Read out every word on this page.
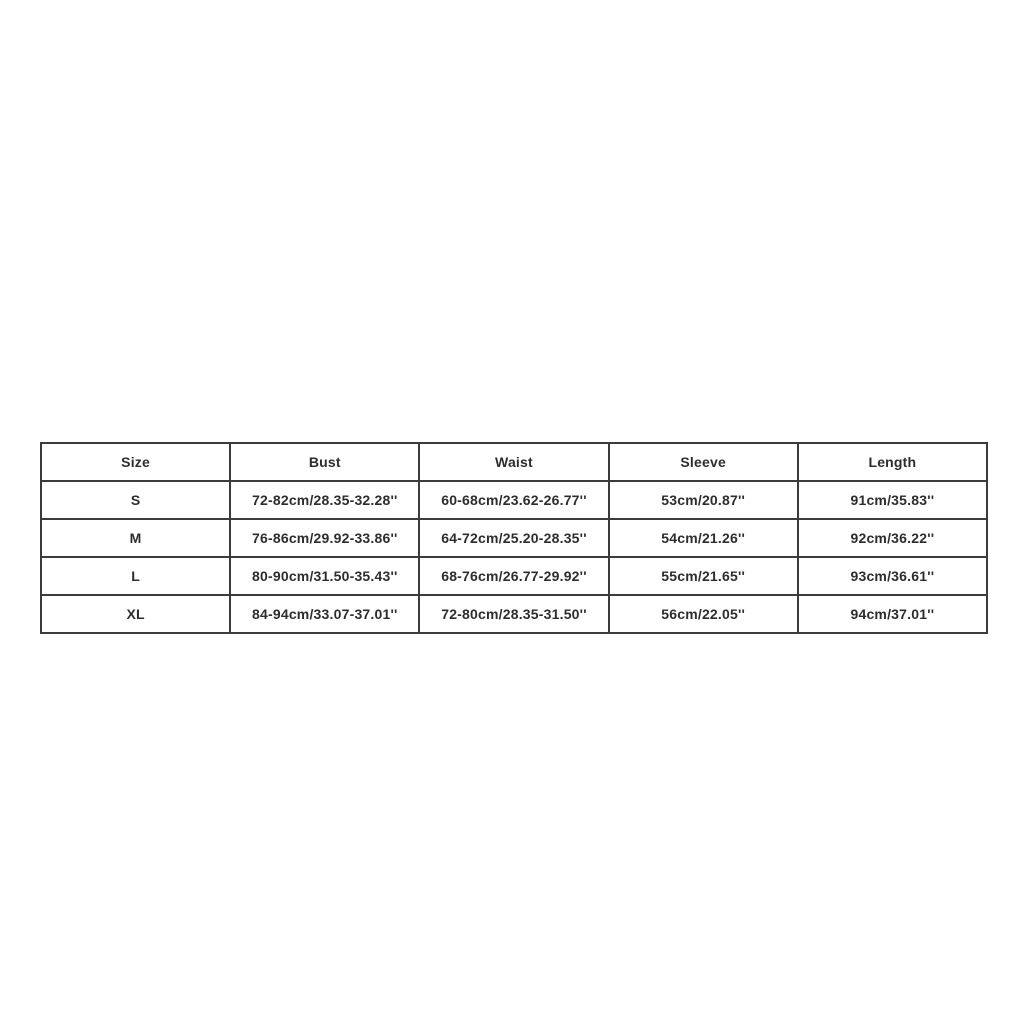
Size	Bust	Waist	Sleeve	Length
S	72-82cm/28.35-32.28''	60-68cm/23.62-26.77''	53cm/20.87''	91cm/35.83''
M	76-86cm/29.92-33.86''	64-72cm/25.20-28.35''	54cm/21.26''	92cm/36.22''
L	80-90cm/31.50-35.43''	68-76cm/26.77-29.92''	55cm/21.65''	93cm/36.61''
XL	84-94cm/33.07-37.01''	72-80cm/28.35-31.50''	56cm/22.05''	94cm/37.01''
